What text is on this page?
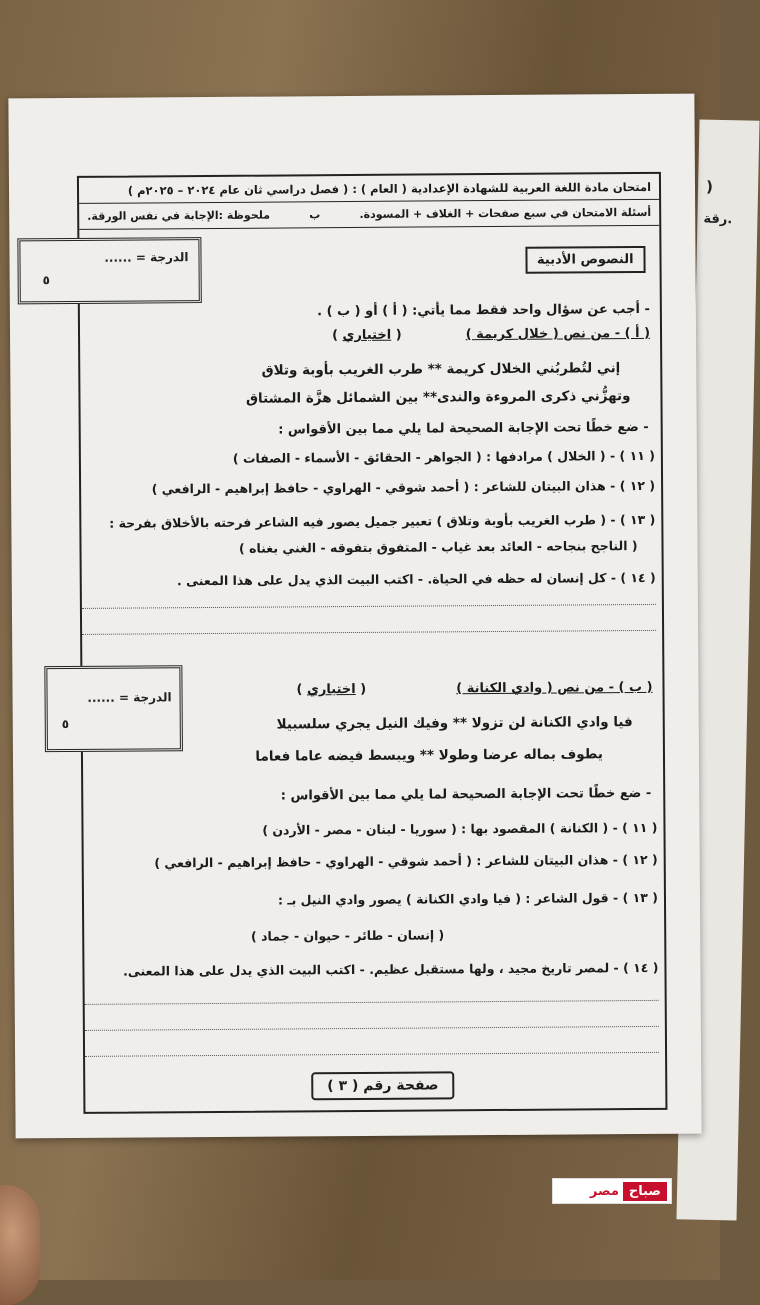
)
رقة.
امتحان مادة اللغة العربية للشهادة الإعدادية ( العام ) : ( فصل دراسي ثان عام ٢٠٢٤ – ٢٠٢٥م )
أسئلة الامتحان في سبع صفحات + الغلاف + المسودة.
ب
ملحوظة :الإجابة في نفس الورقة.
النصوص الأدبية
الدرجة = ......
٥
- أجب عن سؤال واحد فقط مما يأتي: ( أ ) أو ( ب ) .
( أ ) - من نص ( خلال كريمة )
( اختياري )
إني لتُطربُني الخلال كريمة ** طرب الغريب بأوبة وتلاق
وتهزُّني ذكرى المروءة والندى** بين الشمائل هزَّة المشتاق
- ضع خطًا تحت الإجابة الصحيحة لما يلي مما بين الأقواس :
( ١١ ) - ( الخلال ) مرادفها : ( الجواهر - الحقائق - الأسماء - الصفات )
( ١٢ ) - هذان البيتان للشاعر : ( أحمد شوقي - الهراوي - حافظ إبراهيم - الرافعي )
( ١٣ ) - ( طرب الغريب بأوبة وتلاق ) تعبير جميل يصور فيه الشاعر فرحته بالأخلاق بفرحة :
( الناجح بنجاحه - العائد بعد غياب - المتفوق بتفوقه - الغني بغناه )
( ١٤ ) - كل إنسان له حظه في الحياة. - اكتب البيت الذي يدل على هذا المعنى .
الدرجة = ......
٥
( ب ) - من نص ( وادي الكنانة )
( اختياري )
فيا وادي الكنانة لن تزولا ** وفيك النيل يجري سلسبيلا
يطوف بماله عرضا وطولا ** ويبسط فيضه عاما فعاما
- ضع خطًا تحت الإجابة الصحيحة لما يلي مما بين الأقواس :
( ١١ ) - ( الكنانة ) المقصود بها : ( سوريا - لبنان - مصر - الأردن )
( ١٢ ) - هذان البيتان للشاعر : ( أحمد شوقي - الهراوي - حافظ إبراهيم - الرافعي )
( ١٣ ) - قول الشاعر : ( فيا وادي الكنانة ) يصور وادي النيل بـ :
( إنسان - طائر - حيوان - جماد )
( ١٤ ) - لمصر تاريخ مجيد ، ولها مستقبل عظيم. - اكتب البيت الذي يدل على هذا المعنى.
صفحة رقم ( ٣ )
صباح
مصر
